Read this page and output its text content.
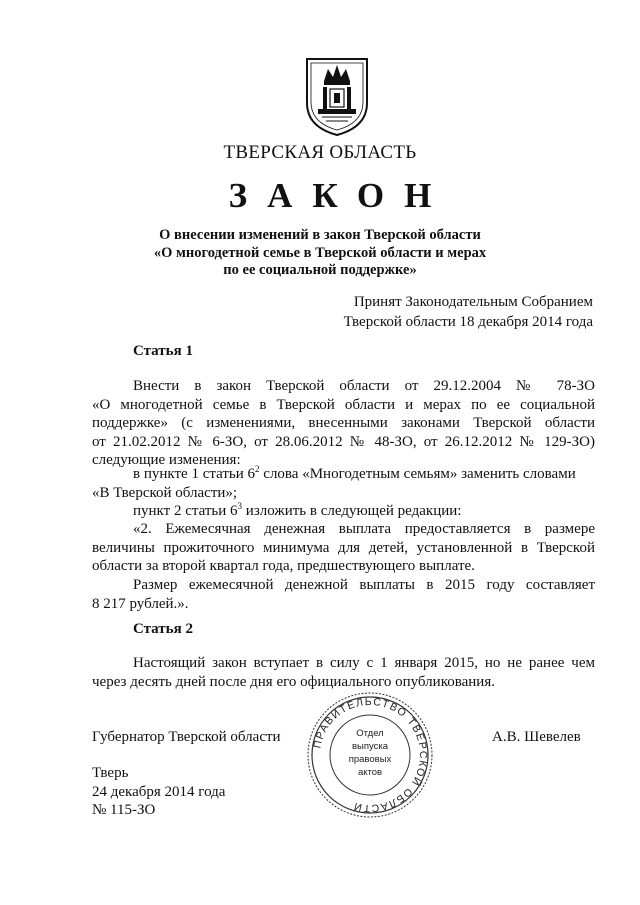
ТВЕРСКАЯ ОБЛАСТЬ
ЗАКОН
О внесении изменений в закон Тверской области
«О многодетной семье в Тверской области и мерах
по ее социальной поддержке»
Принят Законодательным Собранием
Тверской области 18 декабря 2014 года
Статья 1
Внести в закон Тверской области от 29.12.2004 № 78-ЗО
«О многодетной семье в Тверской области и мерах по ее социальной
поддержке» (с изменениями, внесенными законами Тверской области
от 21.02.2012 № 6-ЗО, от 28.06.2012 № 48-ЗО, от 26.12.2012 № 129-ЗО)
следующие изменения:
в пункте 1 статьи $6^2$ слова «Многодетным семьям» заменить словами
«В Тверской области»;
пункт 2 статьи $6^3$ изложить в следующей редакции:
«2. Ежемесячная денежная выплата предоставляется в размере
величины прожиточного минимума для детей, установленной в Тверской
области за второй квартал года, предшествующего выплате.
Размер ежемесячной денежной выплаты в 2015 году составляет
8 217 рублей.».
Статья 2
Настоящий закон вступает в силу с 1 января 2015, но не ранее чем
через десять дней после дня его официального опубликования.
Губернатор Тверской области	А.В. Шевелев
Тверь
24 декабря 2014 года
№ 115-ЗО
ПРАВИТЕЛЬСТВО ТВЕРСКОЙ ОБЛАСТИ
Отдел
выпуска
правовых
актов
